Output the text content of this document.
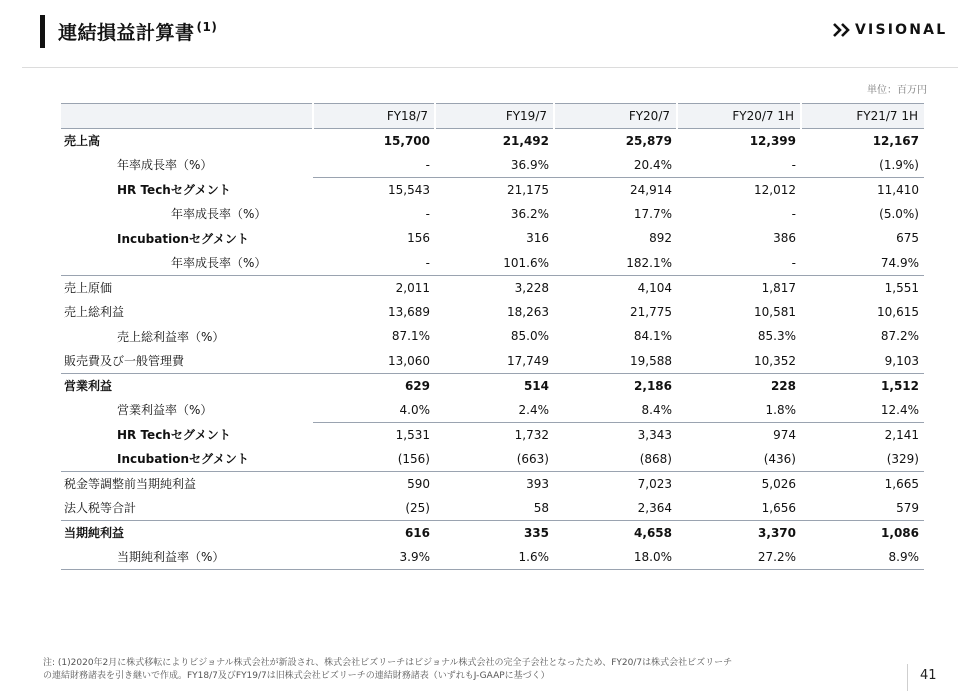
連結損益計算書 $^{(1)}$	VISIONAL
単位：百万円
	FY18/7	FY19/7	FY20/7	FY20/7 1H	FY21/7 1H
売上高	15,700	21,492	25,879	12,399	12,167
年率成長率（%）	-	36.9%	20.4%	-	(1.9%)
HR Techセグメント	15,543	21,175	24,914	12,012	11,410
年率成長率（%）	-	36.2%	17.7%	-	(5.0%)
Incubationセグメント	156	316	892	386	675
年率成長率（%）	-	101.6%	182.1%	-	74.9%
売上原価	2,011	3,228	4,104	1,817	1,551
売上総利益	13,689	18,263	21,775	10,581	10,615
売上総利益率（%）	87.1%	85.0%	84.1%	85.3%	87.2%
販売費及び一般管理費	13,060	17,749	19,588	10,352	9,103
営業利益	629	514	2,186	228	1,512
営業利益率（%）	4.0%	2.4%	8.4%	1.8%	12.4%
HR Techセグメント	1,531	1,732	3,343	974	2,141
Incubationセグメント	(156)	(663)	(868)	(436)	(329)
税金等調整前当期純利益	590	393	7,023	5,026	1,665
法人税等合計	(25)	58	2,364	1,656	579
当期純利益	616	335	4,658	3,370	1,086
当期純利益率（%）	3.9%	1.6%	18.0%	27.2%	8.9%
注: (1)2020年2月に株式移転によりビジョナル株式会社が新設され、株式会社ビズリーチはビジョナル株式会社の完全子会社となったため、FY20/7は株式会社ビズリーチ
の連結財務諸表を引き継いで作成。FY18/7及びFY19/7は旧株式会社ビズリーチの連結財務諸表（いずれもJ-GAAPに基づく）	41
